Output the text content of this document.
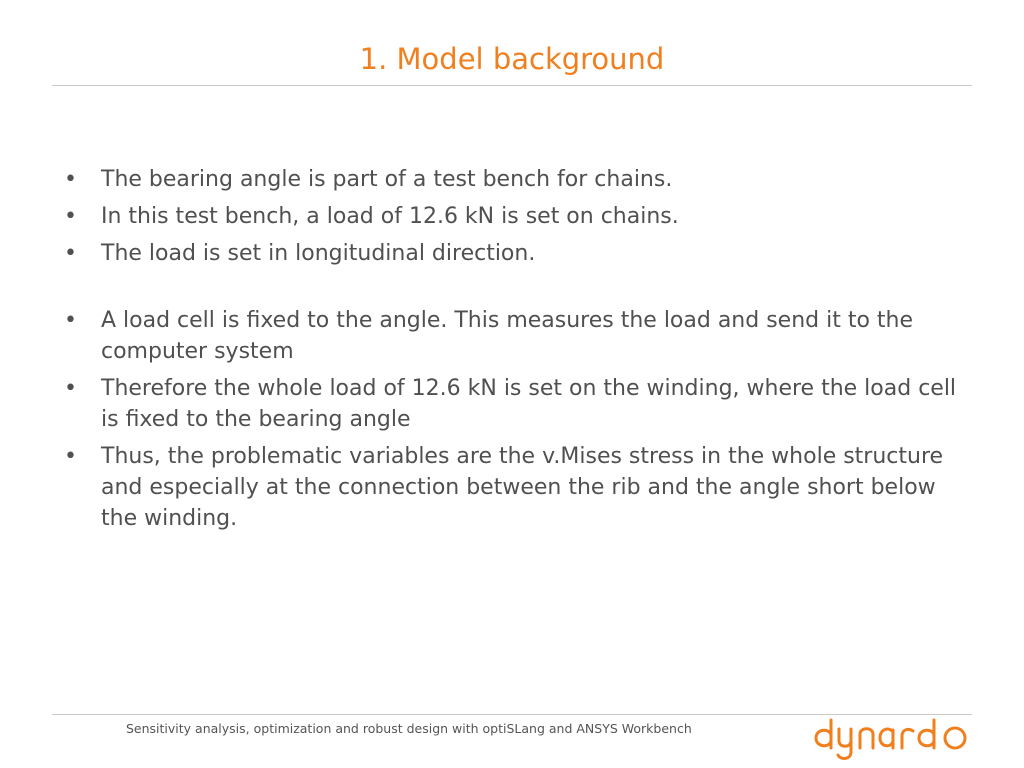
1. Model background
•	The bearing angle is part of a test bench for chains.
•	In this test bench, a load of 12.6 kN is set on chains.
•	The load is set in longitudinal direction.
•	A load cell is fixed to the angle. This measures the load and send it to the computer system
•	Therefore the whole load of 12.6 kN is set on the winding, where the load cell is fixed to the bearing angle
•	Thus, the problematic variables are the v.Mises stress in the whole structure and especially at the connection between the rib and the angle short below the winding.
Sensitivity analysis, optimization and robust design with optiSLang and ANSYS Workbench
